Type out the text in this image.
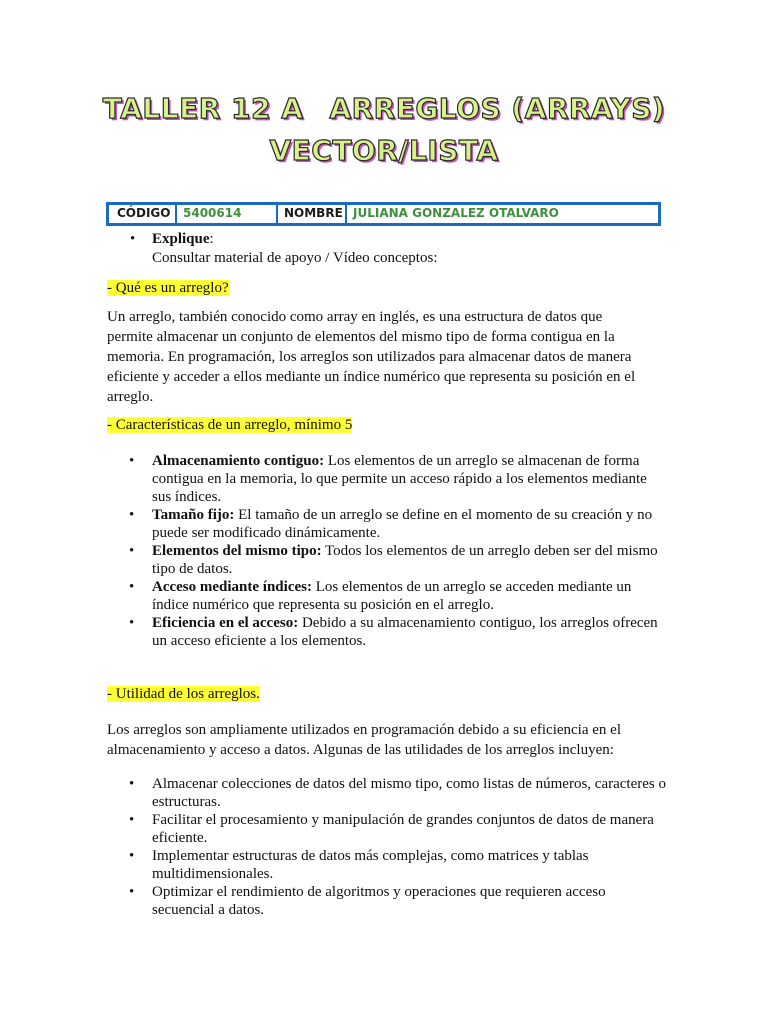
TALLER 12 A ARREGLOS (ARRAYS)
VECTOR/LISTA
CÓDIGO	5400614	NOMBRE JULIANA GONZALEZ OTALVARO
• Explique:
Consultar material de apoyo / Vídeo conceptos:
- Qué es un arreglo?
Un arreglo, también conocido como array en inglés, es una estructura de datos que permite almacenar un conjunto de elementos del mismo tipo de forma contigua en la memoria. En programación, los arreglos son utilizados para almacenar datos de manera eficiente y acceder a ellos mediante un índice numérico que representa su posición en el arreglo.
- Características de un arreglo, mínimo 5
• Almacenamiento contiguo: Los elementos de un arreglo se almacenan de forma contigua en la memoria, lo que permite un acceso rápido a los elementos mediante sus índices.
• Tamaño fijo: El tamaño de un arreglo se define en el momento de su creación y no puede ser modificado dinámicamente.
• Elementos del mismo tipo: Todos los elementos de un arreglo deben ser del mismo tipo de datos.
• Acceso mediante índices: Los elementos de un arreglo se acceden mediante un índice numérico que representa su posición en el arreglo.
• Eficiencia en el acceso: Debido a su almacenamiento contiguo, los arreglos ofrecen un acceso eficiente a los elementos.
- Utilidad de los arreglos.
Los arreglos son ampliamente utilizados en programación debido a su eficiencia en el almacenamiento y acceso a datos. Algunas de las utilidades de los arreglos incluyen:
• Almacenar colecciones de datos del mismo tipo, como listas de números, caracteres o estructuras.
• Facilitar el procesamiento y manipulación de grandes conjuntos de datos de manera eficiente.
• Implementar estructuras de datos más complejas, como matrices y tablas multidimensionales.
• Optimizar el rendimiento de algoritmos y operaciones que requieren acceso secuencial a datos.
